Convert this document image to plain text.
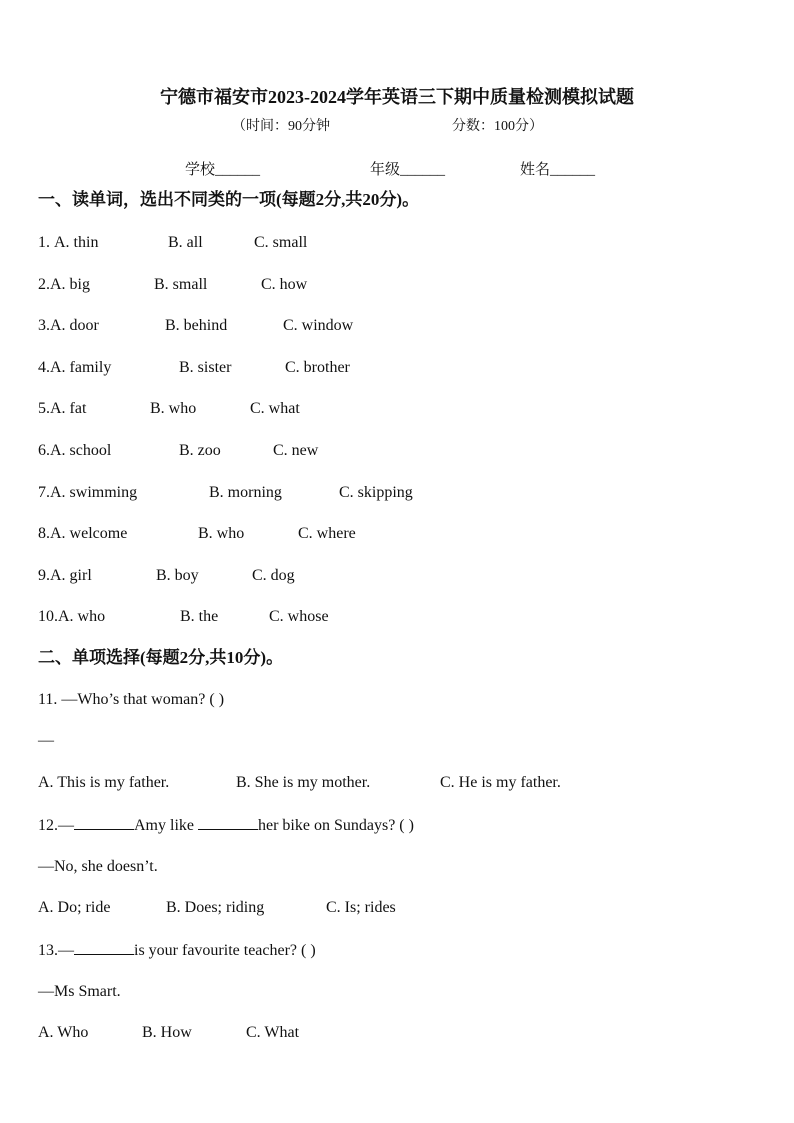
宁德市福安市2023-2024学年英语三下期中质量检测模拟试题
（时间：90分钟	分数：100分）
学校______	年级______	姓名______
一、读单词，选出不同类的一项(每题2分,共20分)。
1. A. thin	B. all	C. small
2.A. big	B. small	C. how
3.A. door	B. behind	C. window
4.A. family	B. sister	C. brother
5.A. fat	B. who	C. what
6.A. school	B. zoo	C. new
7.A. swimming	B. morning	C. skipping
8.A. welcome	B. who	C. where
9.A. girl	B. boy	C. dog
10.A. who	B. the	C. whose
二、单项选择(每题2分,共10分)。
11. —Who’s that woman? ( )
—
A. This is my father.	B. She is my mother.	C. He is my father.
12.—	Amy like	her bike on Sundays? ( )
—No, she doesn’t.
A. Do; ride	B. Does; riding	C. Is; rides
13.—	is your favourite teacher? ( )
—Ms Smart.
A. Who	B. How	C. What
